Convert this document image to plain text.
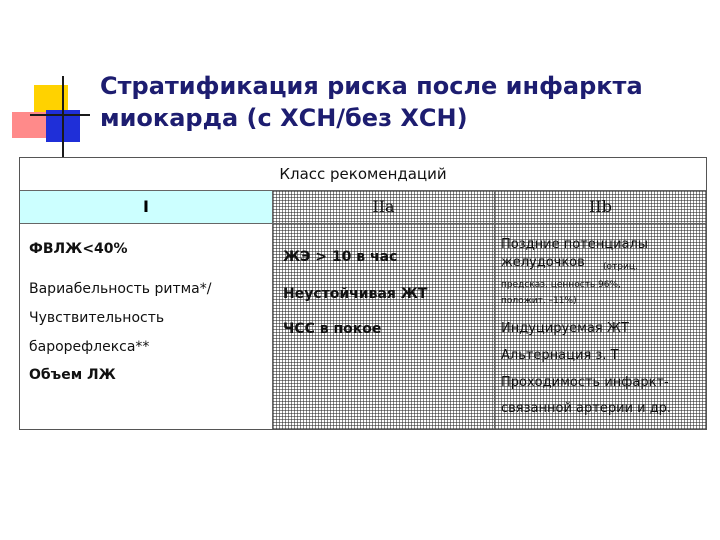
Стратификация риска после инфаркта
миокарда (с ХСН/без ХСН)
Класс рекомендаций
I
ФВЛЖ<40%
Вариабельность ритма*/
Чувствительность
барорефлекса**
Объем ЛЖ
IIa
ЖЭ > 10 в час
Неустойчивая ЖТ
ЧСС в покое
IIb
Поздние потенциалы
желудочков (отриц.
предсказ. ценность 96%,
положит. –11%)
Индуцируемая ЖТ
Альтернация з. Т
Проходимость инфаркт-
связанной артерии и др.
